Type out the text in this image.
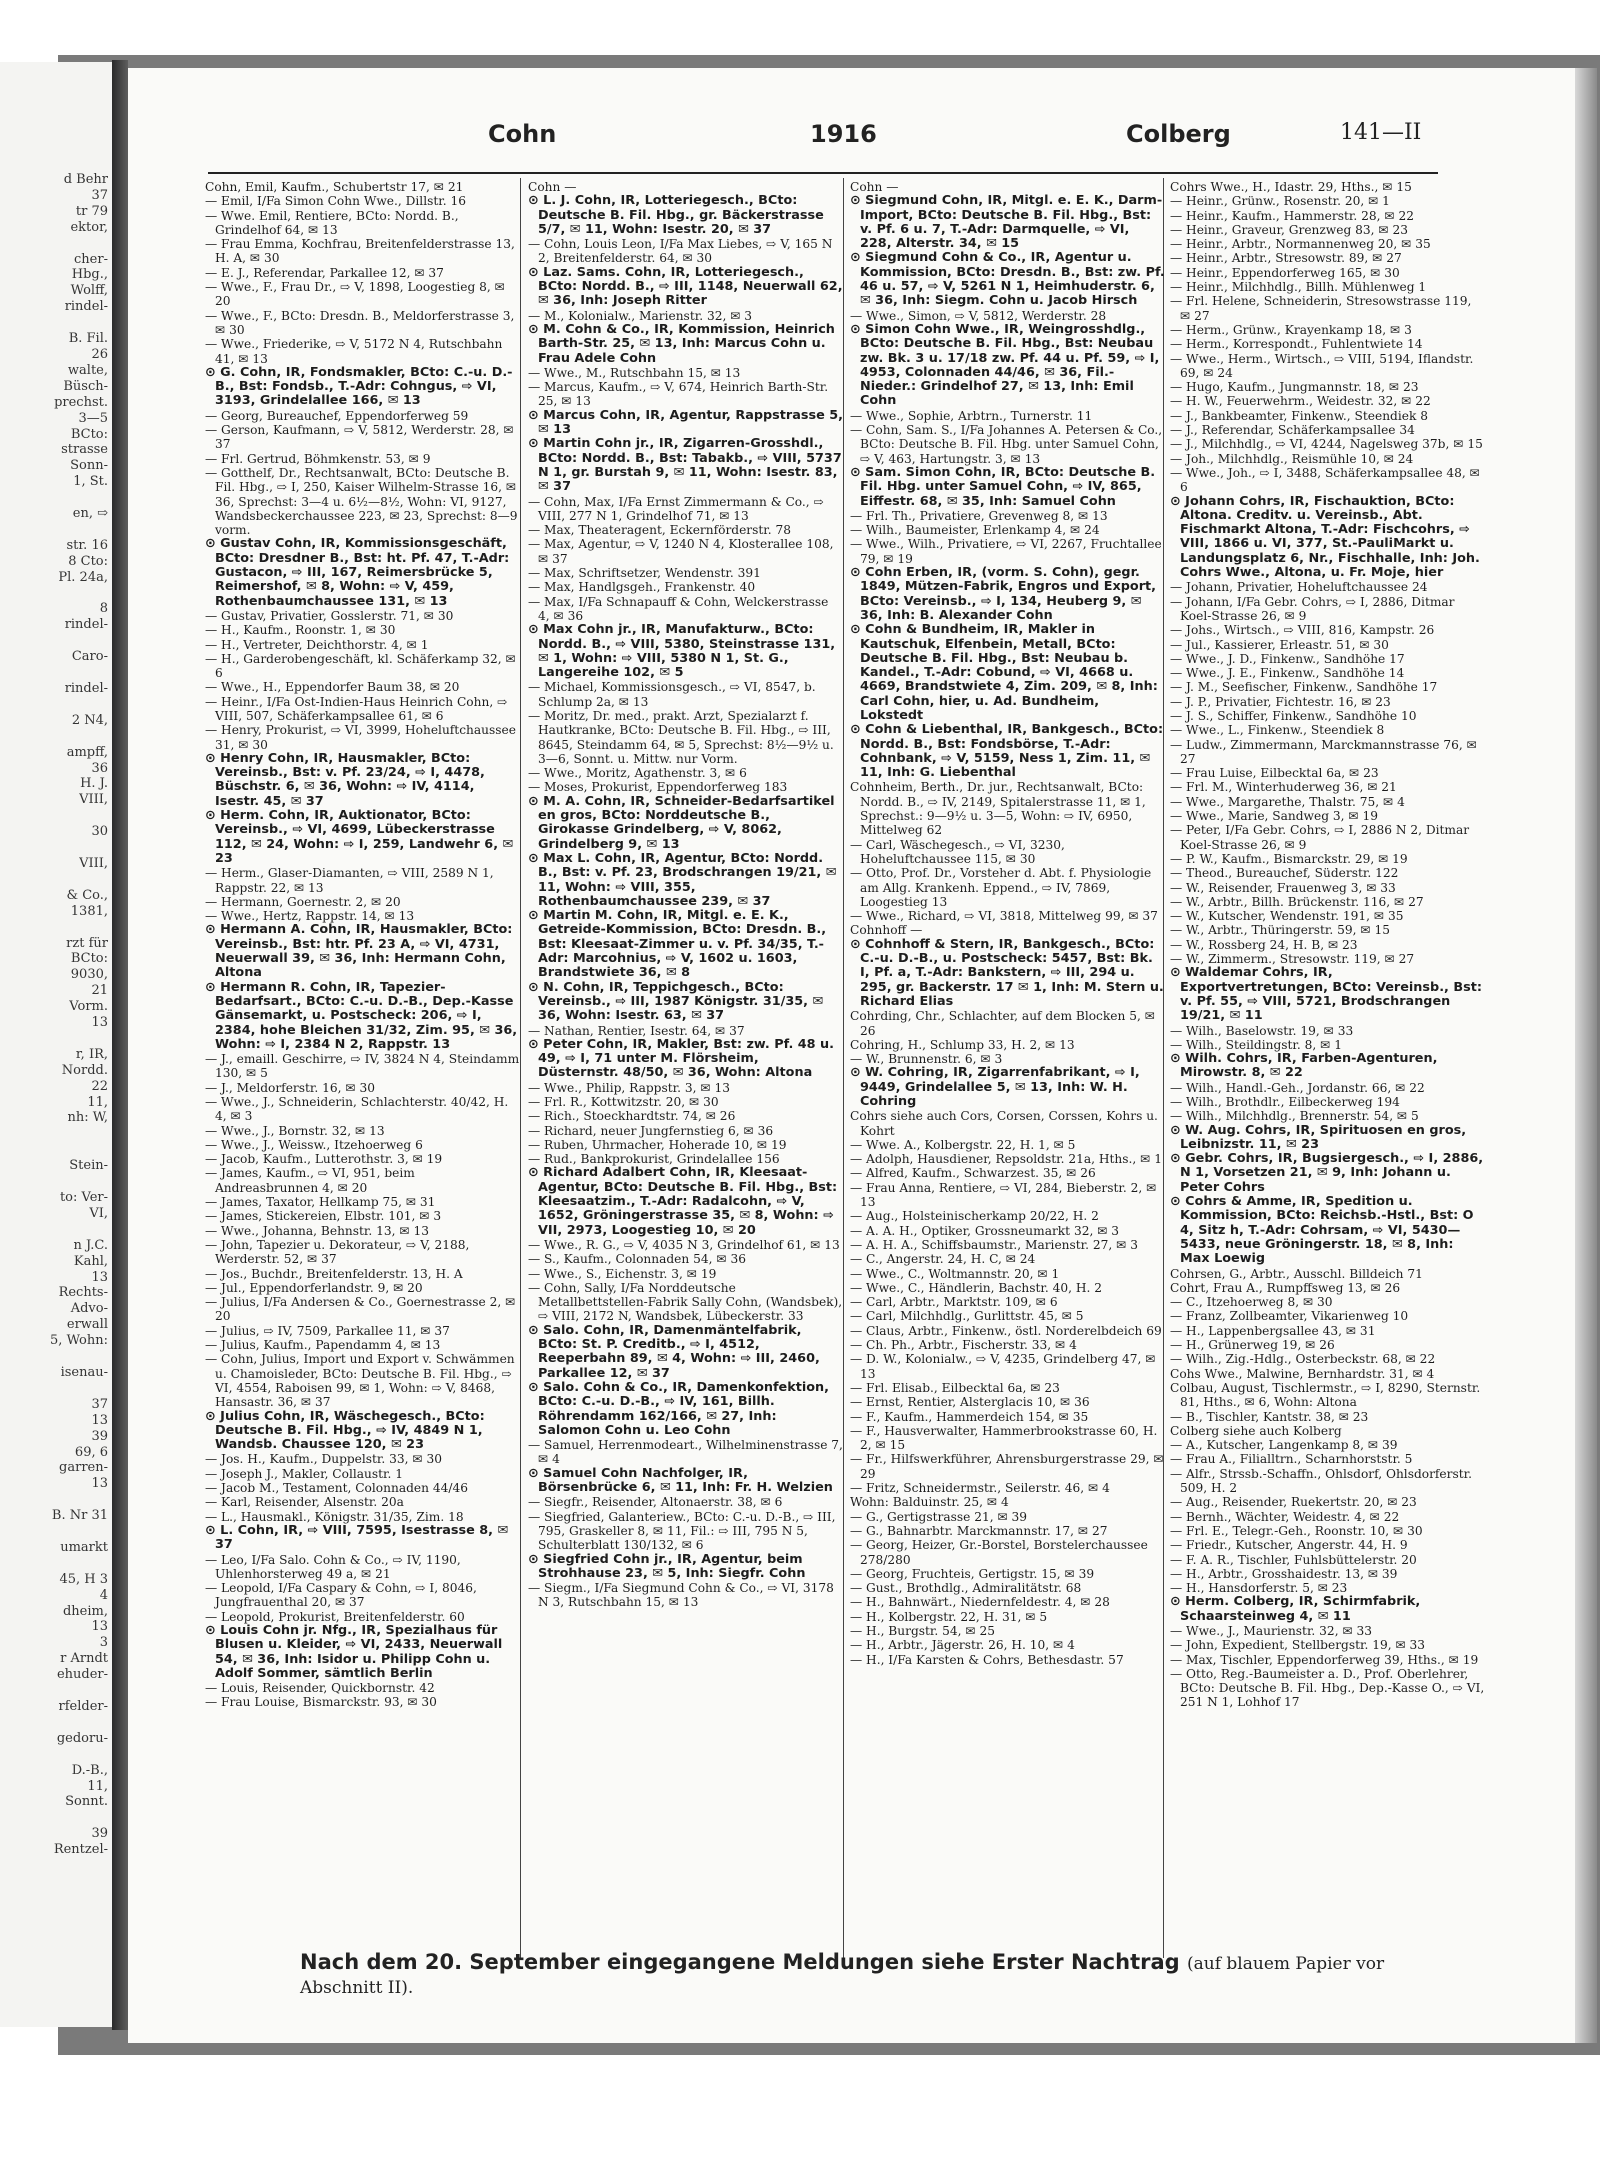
d Behr
37
tr 79
ektor,

cher-
Hbg.,
Wolff,
rindel-

B. Fil.
26
walte,
Büsch-
prechst.
3—5
BCto:
strasse
Sonn-
1, St.

en, ⇨

str. 16
8 Cto:
Pl. 24a,

8
rindel-

Caro-

rindel-

2 N4,

ampff,
36
H. J.
VIII,

30

VIII,

& Co.,
1381,

rzt für
BCto:
9030,
21
Vorm.
13

r, IR,
Nordd.
22
11,
nh: W,

Stein-

to: Ver-
VI,

n J.C.
Kahl,
13
Rechts-
Advo-
erwall
5, Wohn:

isenau-

37
13
39
69, 6
garren-
13

B. Nr 31

umarkt

45, H 3
4
dheim,
13
3
r Arndt
ehuder-

rfelder-

gedoru-

D.-B.,
11,
Sonnt.

39
Rentzel-
Cohn	1916	Colberg	141—II

Cohn, Emil, Kaufm., Schubertstr 17, ✉ 21

— Emil, I/Fa Simon Cohn Wwe., Dillstr. 16

— Wwe. Emil, Rentiere, BCto: Nordd. B., Grindelhof 64, ✉ 13

— Frau Emma, Kochfrau, Breitenfelderstrasse 13, H. A, ✉ 30

— E. J., Referendar, Parkallee 12, ✉ 37

— Wwe., F., Frau Dr., ⇨ V, 1898, Loogestieg 8, ✉ 20

— Wwe., F., BCto: Dresdn. B., Meldorferstrasse 3, ✉ 30

— Wwe., Friederike, ⇨ V, 5172 N 4, Rutschbahn 41, ✉ 13

⊙ G. Cohn, IR, Fondsmakler, BCto: C.-u. D.-B., Bst: Fondsb., T.-Adr: Cohngus, ⇨ VI, 3193, Grindelallee 166, ✉ 13

— Georg, Bureauchef, Eppendorferweg 59

— Gerson, Kaufmann, ⇨ V, 5812, Werderstr. 28, ✉ 37

— Frl. Gertrud, Böhmkenstr. 53, ✉ 9

— Gotthelf, Dr., Rechtsanwalt, BCto: Deutsche B. Fil. Hbg., ⇨ I, 250, Kaiser Wilhelm-Strasse 16, ✉ 36, Sprechst: 3—4 u. 6½—8½, Wohn: VI, 9127, Wandsbeckerchaussee 223, ✉ 23, Sprechst: 8—9 vorm.

⊙ Gustav Cohn, IR, Kommissionsgeschäft, BCto: Dresdner B., Bst: ht. Pf. 47, T.-Adr: Gustacon, ⇨ III, 167, Reimersbrücke 5, Reimershof, ✉ 8, Wohn: ⇨ V, 459, Rothenbaumchaussee 131, ✉ 13

— Gustav, Privatier, Gosslerstr. 71, ✉ 30

— H., Kaufm., Roonstr. 1, ✉ 30

— H., Vertreter, Deichthorstr. 4, ✉ 1

— H., Garderobengeschäft, kl. Schäferkamp 32, ✉ 6

— Wwe., H., Eppendorfer Baum 38, ✉ 20

— Heinr., I/Fa Ost-Indien-Haus Heinrich Cohn, ⇨ VIII, 507, Schäferkampsallee 61, ✉ 6

— Henry, Prokurist, ⇨ VI, 3999, Hoheluftchaussee 31, ✉ 30

⊙ Henry Cohn, IR, Hausmakler, BCto: Vereinsb., Bst: v. Pf. 23/24, ⇨ I, 4478, Büschstr. 6, ✉ 36, Wohn: ⇨ IV, 4114, Isestr. 45, ✉ 37

⊙ Herm. Cohn, IR, Auktionator, BCto: Vereinsb., ⇨ VI, 4699, Lübeckerstrasse 112, ✉ 24, Wohn: ⇨ I, 259, Landwehr 6, ✉ 23

— Herm., Glaser-Diamanten, ⇨ VIII, 2589 N 1, Rappstr. 22, ✉ 13

— Hermann, Goernestr. 2, ✉ 20

— Wwe., Hertz, Rappstr. 14, ✉ 13

⊙ Hermann A. Cohn, IR, Hausmakler, BCto: Vereinsb., Bst: htr. Pf. 23 A, ⇨ VI, 4731, Neuerwall 39, ✉ 36, Inh: Hermann Cohn, Altona

⊙ Hermann R. Cohn, IR, Tapezier-Bedarfsart., BCto: C.-u. D.-B., Dep.-Kasse Gänsemarkt, u. Postscheck: 206, ⇨ I, 2384, hohe Bleichen 31/32, Zim. 95, ✉ 36, Wohn: ⇨ I, 2384 N 2, Rappstr. 13

— J., emaill. Geschirre, ⇨ IV, 3824 N 4, Steindamm 130, ✉ 5

— J., Meldorferstr. 16, ✉ 30

— Wwe., J., Schneiderin, Schlachterstr. 40/42, H. 4, ✉ 3

— Wwe., J., Bornstr. 32, ✉ 13

— Wwe., J., Weissw., Itzehoerweg 6

— Jacob, Kaufm., Lutterothstr. 3, ✉ 19

— James, Kaufm., ⇨ VI, 951, beim Andreasbrunnen 4, ✉ 20

— James, Taxator, Hellkamp 75, ✉ 31

— James, Stickereien, Elbstr. 101, ✉ 3

— Wwe., Johanna, Behnstr. 13, ✉ 13

— John, Tapezier u. Dekorateur, ⇨ V, 2188, Werderstr. 52, ✉ 37

— Jos., Buchdr., Breitenfelderstr. 13, H. A

— Jul., Eppendorferlandstr. 9, ✉ 20

— Julius, I/Fa Andersen & Co., Goernestrasse 2, ✉ 20

— Julius, ⇨ IV, 7509, Parkallee 11, ✉ 37

— Julius, Kaufm., Papendamm 4, ✉ 13

— Cohn, Julius, Import und Export v. Schwämmen u. Chamoisleder, BCto: Deutsche B. Fil. Hbg., ⇨ VI, 4554, Raboisen 99, ✉ 1, Wohn: ⇨ V, 8468, Hansastr. 36, ✉ 37

⊙ Julius Cohn, IR, Wäschegesch., BCto: Deutsche B. Fil. Hbg., ⇨ IV, 4849 N 1, Wandsb. Chaussee 120, ✉ 23

— Jos. H., Kaufm., Duppelstr. 33, ✉ 30

— Joseph J., Makler, Collaustr. 1

— Jacob M., Testament, Colonnaden 44/46

— Karl, Reisender, Alsenstr. 20a

— L., Hausmakl., Königstr. 31/35, Zim. 18

⊙ L. Cohn, IR, ⇨ VIII, 7595, Isestrasse 8, ✉ 37

— Leo, I/Fa Salo. Cohn & Co., ⇨ IV, 1190, Uhlenhorsterweg 49 a, ✉ 21

— Leopold, I/Fa Caspary & Cohn, ⇨ I, 8046, Jungfrauenthal 20, ✉ 37

— Leopold, Prokurist, Breitenfelderstr. 60

⊙ Louis Cohn jr. Nfg., IR, Spezialhaus für Blusen u. Kleider, ⇨ VI, 2433, Neuerwall 54, ✉ 36, Inh: Isidor u. Philipp Cohn u. Adolf Sommer, sämtlich Berlin

— Louis, Reisender, Quickbornstr. 42

— Frau Louise, Bismarckstr. 93, ✉ 30

Cohn —

⊙ L. J. Cohn, IR, Lotteriegesch., BCto: Deutsche B. Fil. Hbg., gr. Bäckerstrasse 5/7, ✉ 11, Wohn: Isestr. 20, ✉ 37

— Cohn, Louis Leon, I/Fa Max Liebes, ⇨ V, 165 N 2, Breitenfelderstr. 64, ✉ 30

⊙ Laz. Sams. Cohn, IR, Lotteriegesch., BCto: Nordd. B., ⇨ III, 1148, Neuerwall 62, ✉ 36, Inh: Joseph Ritter

— M., Kolonialw., Marienstr. 32, ✉ 3

⊙ M. Cohn & Co., IR, Kommission, Heinrich Barth-Str. 25, ✉ 13, Inh: Marcus Cohn u. Frau Adele Cohn

— Wwe., M., Rutschbahn 15, ✉ 13

— Marcus, Kaufm., ⇨ V, 674, Heinrich Barth-Str. 25, ✉ 13

⊙ Marcus Cohn, IR, Agentur, Rappstrasse 5, ✉ 13

⊙ Martin Cohn jr., IR, Zigarren-Grosshdl., BCto: Nordd. B., Bst: Tabakb., ⇨ VIII, 5737 N 1, gr. Burstah 9, ✉ 11, Wohn: Isestr. 83, ✉ 37

— Cohn, Max, I/Fa Ernst Zimmermann & Co., ⇨ VIII, 277 N 1, Grindelhof 71, ✉ 13

— Max, Theateragent, Eckernförderstr. 78

— Max, Agentur, ⇨ V, 1240 N 4, Klosterallee 108, ✉ 37

— Max, Schriftsetzer, Wendenstr. 391

— Max, Handlgsgeh., Frankenstr. 40

— Max, I/Fa Schnapauff & Cohn, Welckerstrasse 4, ✉ 36

⊙ Max Cohn jr., IR, Manufakturw., BCto: Nordd. B., ⇨ VIII, 5380, Steinstrasse 131, ✉ 1, Wohn: ⇨ VIII, 5380 N 1, St. G., Langereihe 102, ✉ 5

— Michael, Kommissionsgesch., ⇨ VI, 8547, b. Schlump 2a, ✉ 13

— Moritz, Dr. med., prakt. Arzt, Spezialarzt f. Hautkranke, BCto: Deutsche B. Fil. Hbg., ⇨ III, 8645, Steindamm 64, ✉ 5, Sprechst: 8½—9½ u. 3—6, Sonnt. u. Mittw. nur Vorm.

— Wwe., Moritz, Agathenstr. 3, ✉ 6

— Moses, Prokurist, Eppendorferweg 183

⊙ M. A. Cohn, IR, Schneider-Bedarfsartikel en gros, BCto: Norddeutsche B., Girokasse Grindelberg, ⇨ V, 8062, Grindelberg 9, ✉ 13

⊙ Max L. Cohn, IR, Agentur, BCto: Nordd. B., Bst: v. Pf. 23, Brodschrangen 19/21, ✉ 11, Wohn: ⇨ VIII, 355, Rothenbaumchaussee 239, ✉ 37

⊙ Martin M. Cohn, IR, Mitgl. e. E. K., Getreide-Kommission, BCto: Dresdn. B., Bst: Kleesaat-Zimmer u. v. Pf. 34/35, T.-Adr: Marcohnius, ⇨ V, 1602 u. 1603, Brandstwiete 36, ✉ 8

⊙ N. Cohn, IR, Teppichgesch., BCto: Vereinsb., ⇨ III, 1987 Königstr. 31/35, ✉ 36, Wohn: Isestr. 63, ✉ 37

— Nathan, Rentier, Isestr. 64, ✉ 37

⊙ Peter Cohn, IR, Makler, Bst: zw. Pf. 48 u. 49, ⇨ I, 71 unter M. Flörsheim, Düsternstr. 48/50, ✉ 36, Wohn: Altona

— Wwe., Philip, Rappstr. 3, ✉ 13

— Frl. R., Kottwitzstr. 20, ✉ 30

— Rich., Stoeckhardtstr. 74, ✉ 26

— Richard, neuer Jungfernstieg 6, ✉ 36

— Ruben, Uhrmacher, Hoherade 10, ✉ 19

— Rud., Bankprokurist, Grindelallee 156

⊙ Richard Adalbert Cohn, IR, Kleesaat-Agentur, BCto: Deutsche B. Fil. Hbg., Bst: Kleesaatzim., T.-Adr: Radalcohn, ⇨ V, 1652, Gröningerstrasse 35, ✉ 8, Wohn: ⇨ VII, 2973, Loogestieg 10, ✉ 20

— Wwe., R. G., ⇨ V, 4035 N 3, Grindelhof 61, ✉ 13

— S., Kaufm., Colonnaden 54, ✉ 36

— Wwe., S., Eichenstr. 3, ✉ 19

— Cohn, Sally, I/Fa Norddeutsche Metallbettstellen-Fabrik Sally Cohn, (Wandsbek), ⇨ VIII, 2172 N, Wandsbek, Lübeckerstr. 33

⊙ Salo. Cohn, IR, Damenmäntelfabrik, BCto: St. P. Creditb., ⇨ I, 4512, Reeperbahn 89, ✉ 4, Wohn: ⇨ III, 2460, Parkallee 12, ✉ 37

⊙ Salo. Cohn & Co., IR, Damenkonfektion, BCto: C.-u. D.-B., ⇨ IV, 161, Billh. Röhrendamm 162/166, ✉ 27, Inh: Salomon Cohn u. Leo Cohn

— Samuel, Herrenmodeart., Wilhelminenstrasse 7, ✉ 4

⊙ Samuel Cohn Nachfolger, IR, Börsenbrücke 6, ✉ 11, Inh: Fr. H. Welzien

— Siegfr., Reisender, Altonaerstr. 38, ✉ 6

— Siegfried, Galanteriew., BCto: C.-u. D.-B., ⇨ III, 795, Graskeller 8, ✉ 11, Fil.: ⇨ III, 795 N 5, Schulterblatt 130/132, ✉ 6

⊙ Siegfried Cohn jr., IR, Agentur, beim Strohhause 23, ✉ 5, Inh: Siegfr. Cohn

— Siegm., I/Fa Siegmund Cohn & Co., ⇨ VI, 3178 N 3, Rutschbahn 15, ✉ 13

Cohn —

⊙ Siegmund Cohn, IR, Mitgl. e. E. K., Darm-Import, BCto: Deutsche B. Fil. Hbg., Bst: v. Pf. 6 u. 7, T.-Adr: Darmquelle, ⇨ VI, 228, Alterstr. 34, ✉ 15

⊙ Siegmund Cohn & Co., IR, Agentur u. Kommission, BCto: Dresdn. B., Bst: zw. Pf. 46 u. 57, ⇨ V, 5261 N 1, Heimhuderstr. 6, ✉ 36, Inh: Siegm. Cohn u. Jacob Hirsch

— Wwe., Simon, ⇨ V, 5812, Werderstr. 28

⊙ Simon Cohn Wwe., IR, Weingrosshdlg., BCto: Deutsche B. Fil. Hbg., Bst: Neubau zw. Bk. 3 u. 17/18 zw. Pf. 44 u. Pf. 59, ⇨ I, 4953, Colonnaden 44/46, ✉ 36, Fil.-Nieder.: Grindelhof 27, ✉ 13, Inh: Emil Cohn

— Wwe., Sophie, Arbtrn., Turnerstr. 11

— Cohn, Sam. S., I/Fa Johannes A. Petersen & Co., BCto: Deutsche B. Fil. Hbg. unter Samuel Cohn, ⇨ V, 463, Hartungstr. 3, ✉ 13

⊙ Sam. Simon Cohn, IR, BCto: Deutsche B. Fil. Hbg. unter Samuel Cohn, ⇨ IV, 865, Eiffestr. 68, ✉ 35, Inh: Samuel Cohn

— Frl. Th., Privatiere, Grevenweg 8, ✉ 13

— Wilh., Baumeister, Erlenkamp 4, ✉ 24

— Wwe., Wilh., Privatiere, ⇨ VI, 2267, Fruchtallee 79, ✉ 19

⊙ Cohn Erben, IR, (vorm. S. Cohn), gegr. 1849, Mützen-Fabrik, Engros und Export, BCto: Vereinsb., ⇨ I, 134, Heuberg 9, ✉ 36, Inh: B. Alexander Cohn

⊙ Cohn & Bundheim, IR, Makler in Kautschuk, Elfenbein, Metall, BCto: Deutsche B. Fil. Hbg., Bst: Neubau b. Kandel., T.-Adr: Cobund, ⇨ VI, 4668 u. 4669, Brandstwiete 4, Zim. 209, ✉ 8, Inh: Carl Cohn, hier, u. Ad. Bundheim, Lokstedt

⊙ Cohn & Liebenthal, IR, Bankgesch., BCto: Nordd. B., Bst: Fondsbörse, T.-Adr: Cohnbank, ⇨ V, 5159, Ness 1, Zim. 11, ✉ 11, Inh: G. Liebenthal

Cohnheim, Berth., Dr. jur., Rechtsanwalt, BCto: Nordd. B., ⇨ IV, 2149, Spitalerstrasse 11, ✉ 1, Sprechst.: 9—9½ u. 3—5, Wohn: ⇨ IV, 6950, Mittelweg 62

— Carl, Wäschegesch., ⇨ VI, 3230, Hoheluftchaussee 115, ✉ 30

— Otto, Prof. Dr., Vorsteher d. Abt. f. Physiologie am Allg. Krankenh. Eppend., ⇨ IV, 7869, Loogestieg 13

— Wwe., Richard, ⇨ VI, 3818, Mittelweg 99, ✉ 37

Cohnhoff —

⊙ Cohnhoff & Stern, IR, Bankgesch., BCto: C.-u. D.-B., u. Postscheck: 5457, Bst: Bk. I, Pf. a, T.-Adr: Bankstern, ⇨ III, 294 u. 295, gr. Backerstr. 17 ✉ 1, Inh: M. Stern u. Richard Elias

Cohrding, Chr., Schlachter, auf dem Blocken 5, ✉ 26

Cohring, H., Schlump 33, H. 2, ✉ 13

— W., Brunnenstr. 6, ✉ 3

⊙ W. Cohring, IR, Zigarrenfabrikant, ⇨ I, 9449, Grindelallee 5, ✉ 13, Inh: W. H. Cohring

Cohrs siehe auch Cors, Corsen, Corssen, Kohrs u. Kohrt

— Wwe. A., Kolbergstr. 22, H. 1, ✉ 5

— Adolph, Hausdiener, Repsoldstr. 21a, Hths., ✉ 1

— Alfred, Kaufm., Schwarzest. 35, ✉ 26

— Frau Anna, Rentiere, ⇨ VI, 284, Bieberstr. 2, ✉ 13

— Aug., Holsteinischerkamp 20/22, H. 2

— A. A. H., Optiker, Grossneumarkt 32, ✉ 3

— A. H. A., Schiffsbaumstr., Marienstr. 27, ✉ 3

— C., Angerstr. 24, H. C, ✉ 24

— Wwe., C., Woltmannstr. 20, ✉ 1

— Wwe., C., Händlerin, Bachstr. 40, H. 2

— Carl, Arbtr., Marktstr. 109, ✉ 6

— Carl, Milchhdlg., Gurlittstr. 45, ✉ 5

— Claus, Arbtr., Finkenw., östl. Norderelbdeich 69

— Ch. Ph., Arbtr., Fischerstr. 33, ✉ 4

— D. W., Kolonialw., ⇨ V, 4235, Grindelberg 47, ✉ 13

— Frl. Elisab., Eilbecktal 6a, ✉ 23

— Ernst, Rentier, Alsterglacis 10, ✉ 36

— F., Kaufm., Hammerdeich 154, ✉ 35

— F., Hausverwalter, Hammerbrookstrasse 60, H. 2, ✉ 15

— Fr., Hilfswerkführer, Ahrensburgerstrasse 29, ✉ 29

— Fritz, Schneidermstr., Seilerstr. 46, ✉ 4

Wohn: Balduinstr. 25, ✉ 4

— G., Gertigstrasse 21, ✉ 39

— G., Bahnarbtr. Marckmannstr. 17, ✉ 27

— Georg, Heizer, Gr.-Borstel, Borstelerchaussee 278/280

— Georg, Fruchteis, Gertigstr. 15, ✉ 39

— Gust., Brothdlg., Admiralitätstr. 68

— H., Bahnwärt., Niedernfeldestr. 4, ✉ 28

— H., Kolbergstr. 22, H. 31, ✉ 5

— H., Burgstr. 54, ✉ 25

— H., Arbtr., Jägerstr. 26, H. 10, ✉ 4

— H., I/Fa Karsten & Cohrs, Bethesdastr. 57

Cohrs Wwe., H., Idastr. 29, Hths., ✉ 15

— Heinr., Grünw., Rosenstr. 20, ✉ 1

— Heinr., Kaufm., Hammerstr. 28, ✉ 22

— Heinr., Graveur, Grenzweg 83, ✉ 23

— Heinr., Arbtr., Normannenweg 20, ✉ 35

— Heinr., Arbtr., Stresowstr. 89, ✉ 27

— Heinr., Eppendorferweg 165, ✉ 30

— Heinr., Milchhdlg., Billh. Mühlenweg 1

— Frl. Helene, Schneiderin, Stresowstrasse 119, ✉ 27

— Herm., Grünw., Krayenkamp 18, ✉ 3

— Herm., Korrespondt., Fuhlentwiete 14

— Wwe., Herm., Wirtsch., ⇨ VIII, 5194, Iflandstr. 69, ✉ 24

— Hugo, Kaufm., Jungmannstr. 18, ✉ 23

— H. W., Feuerwehrm., Weidestr. 32, ✉ 22

— J., Bankbeamter, Finkenw., Steendiek 8

— J., Referendar, Schäferkampsallee 34

— J., Milchhdlg., ⇨ VI, 4244, Nagelsweg 37b, ✉ 15

— Joh., Milchhdlg., Reismühle 10, ✉ 24

— Wwe., Joh., ⇨ I, 3488, Schäferkampsallee 48, ✉ 6

⊙ Johann Cohrs, IR, Fischauktion, BCto: Altona. Creditv. u. Vereinsb., Abt. Fischmarkt Altona, T.-Adr: Fischcohrs, ⇨ VIII, 1866 u. VI, 377, St.-PauliMarkt u. Landungsplatz 6, Nr., Fischhalle, Inh: Joh. Cohrs Wwe., Altona, u. Fr. Moje, hier

— Johann, Privatier, Hoheluftchaussee 24

— Johann, I/Fa Gebr. Cohrs, ⇨ I, 2886, Ditmar Koel-Strasse 26, ✉ 9

— Johs., Wirtsch., ⇨ VIII, 816, Kampstr. 26

— Jul., Kassierer, Erleastr. 51, ✉ 30

— Wwe., J. D., Finkenw., Sandhöhe 17

— Wwe., J. E., Finkenw., Sandhöhe 14

— J. M., Seefischer, Finkenw., Sandhöhe 17

— J. P., Privatier, Fichtestr. 16, ✉ 23

— J. S., Schiffer, Finkenw., Sandhöhe 10

— Wwe., L., Finkenw., Steendiek 8

— Ludw., Zimmermann, Marckmannstrasse 76, ✉ 27

— Frau Luise, Eilbecktal 6a, ✉ 23

— Frl. M., Winterhuderweg 36, ✉ 21

— Wwe., Margarethe, Thalstr. 75, ✉ 4

— Wwe., Marie, Sandweg 3, ✉ 19

— Peter, I/Fa Gebr. Cohrs, ⇨ I, 2886 N 2, Ditmar Koel-Strasse 26, ✉ 9

— P. W., Kaufm., Bismarckstr. 29, ✉ 19

— Theod., Bureauchef, Süderstr. 122

— W., Reisender, Frauenweg 3, ✉ 33

— W., Arbtr., Billh. Brückenstr. 116, ✉ 27

— W., Kutscher, Wendenstr. 191, ✉ 35

— W., Arbtr., Thüringerstr. 59, ✉ 15

— W., Rossberg 24, H. B, ✉ 23

— W., Zimmerm., Stresowstr. 119, ✉ 27

⊙ Waldemar Cohrs, IR, Exportvertretungen, BCto: Vereinsb., Bst: v. Pf. 55, ⇨ VIII, 5721, Brodschrangen 19/21, ✉ 11

— Wilh., Baselowstr. 19, ✉ 33

— Wilh., Steildingstr. 8, ✉ 1

⊙ Wilh. Cohrs, IR, Farben-Agenturen, Mirowstr. 8, ✉ 22

— Wilh., Handl.-Geh., Jordanstr. 66, ✉ 22

— Wilh., Brothdlr., Eilbeckerweg 194

— Wilh., Milchhdlg., Brennerstr. 54, ✉ 5

⊙ W. Aug. Cohrs, IR, Spirituosen en gros, Leibnizstr. 11, ✉ 23

⊙ Gebr. Cohrs, IR, Bugsiergesch., ⇨ I, 2886, N 1, Vorsetzen 21, ✉ 9, Inh: Johann u. Peter Cohrs

⊙ Cohrs & Amme, IR, Spedition u. Kommission, BCto: Reichsb.-Hstl., Bst: O 4, Sitz h, T.-Adr: Cohrsam, ⇨ VI, 5430—5433, neue Gröningerstr. 18, ✉ 8, Inh: Max Loewig

Cohrsen, G., Arbtr., Ausschl. Billdeich 71

Cohrt, Frau A., Rumpffsweg 13, ✉ 26

— C., Itzehoerweg 8, ✉ 30

— Franz, Zollbeamter, Vikarienweg 10

— H., Lappenbergsallee 43, ✉ 31

— H., Grünerweg 19, ✉ 26

— Wilh., Zig.-Hdlg., Osterbeckstr. 68, ✉ 22

Cohs Wwe., Malwine, Bernhardstr. 31, ✉ 4

Colbau, August, Tischlermstr., ⇨ I, 8290, Sternstr. 81, Hths., ✉ 6, Wohn: Altona

— B., Tischler, Kantstr. 38, ✉ 23

Colberg siehe auch Kolberg

— A., Kutscher, Langenkamp 8, ✉ 39

— Frau A., Filialltrn., Scharnhorststr. 5

— Alfr., Strssb.-Schaffn., Ohlsdorf, Ohlsdorferstr. 509, H. 2

— Aug., Reisender, Ruekertstr. 20, ✉ 23

— Bernh., Wächter, Weidestr. 4, ✉ 22

— Frl. E., Telegr.-Geh., Roonstr. 10, ✉ 30

— Friedr., Kutscher, Angerstr. 44, H. 9

— F. A. R., Tischler, Fuhlsbüttelerstr. 20

— H., Arbtr., Grosshaidestr. 13, ✉ 39

— H., Hansdorferstr. 5, ✉ 23

⊙ Herm. Colberg, IR, Schirmfabrik, Schaarsteinweg 4, ✉ 11

— Wwe., J., Maurienstr. 32, ✉ 33

— John, Expedient, Stellbergstr. 19, ✉ 33

— Max, Tischler, Eppendorferweg 39, Hths., ✉ 19

— Otto, Reg.-Baumeister a. D., Prof. Oberlehrer, BCto: Deutsche B. Fil. Hbg., Dep.-Kasse O., ⇨ VI, 251 N 1, Lohhof 17

Nach dem 20. September eingegangene Meldungen siehe Erster Nachtrag (auf blauem Papier vor Abschnitt II).
